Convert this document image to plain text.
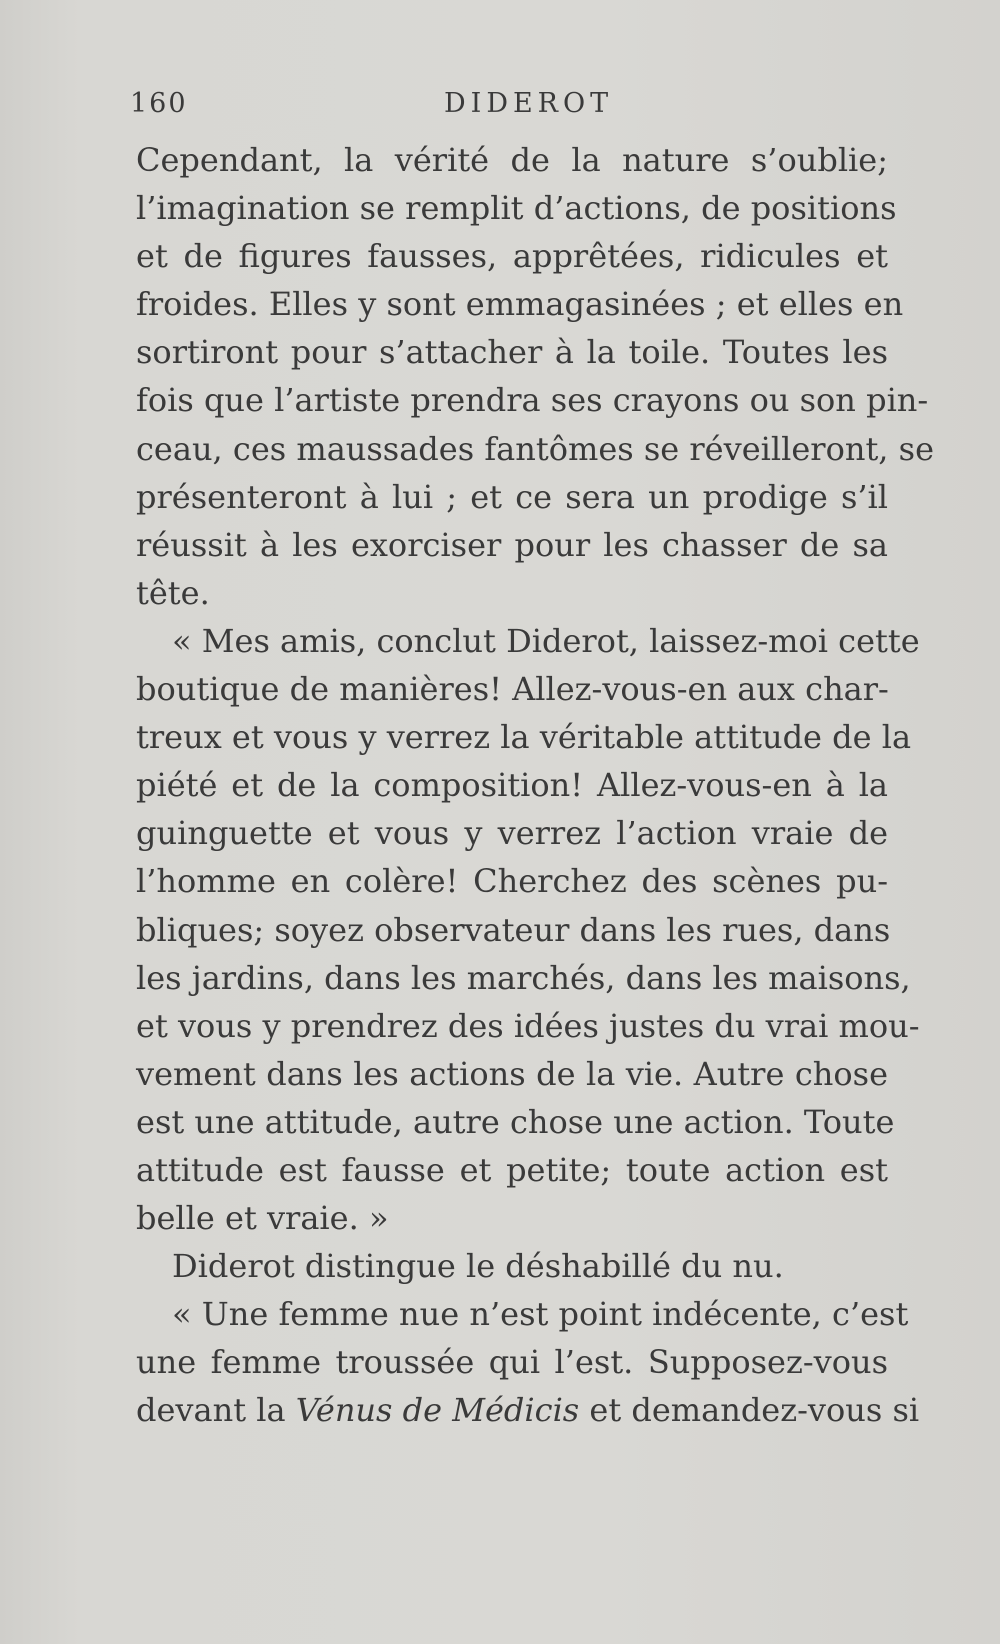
160	DIDEROT
Cependant, la vérité de la nature s’oublie;
l’imagination se remplit d’actions, de positions
et de figures fausses, apprêtées, ridicules et
froides. Elles y sont emmagasinées ; et elles en
sortiront pour s’attacher à la toile. Toutes les
fois que l’artiste prendra ses crayons ou son pin-
ceau, ces maussades fantômes se réveilleront, se
présenteront à lui ; et ce sera un prodige s’il
réussit à les exorciser pour les chasser de sa
tête.
« Mes amis, conclut Diderot, laissez-moi cette
boutique de manières! Allez-vous-en aux char-
treux et vous y verrez la véritable attitude de la
piété et de la composition! Allez-vous-en à la
guinguette et vous y verrez l’action vraie de
l’homme en colère! Cherchez des scènes pu-
bliques; soyez observateur dans les rues, dans
les jardins, dans les marchés, dans les maisons,
et vous y prendrez des idées justes du vrai mou-
vement dans les actions de la vie. Autre chose
est une attitude, autre chose une action. Toute
attitude est fausse et petite; toute action est
belle et vraie. »
Diderot distingue le déshabillé du nu.
« Une femme nue n’est point indécente, c’est
une femme troussée qui l’est. Supposez-vous
devant la Vénus de Médicis et demandez-vous si
